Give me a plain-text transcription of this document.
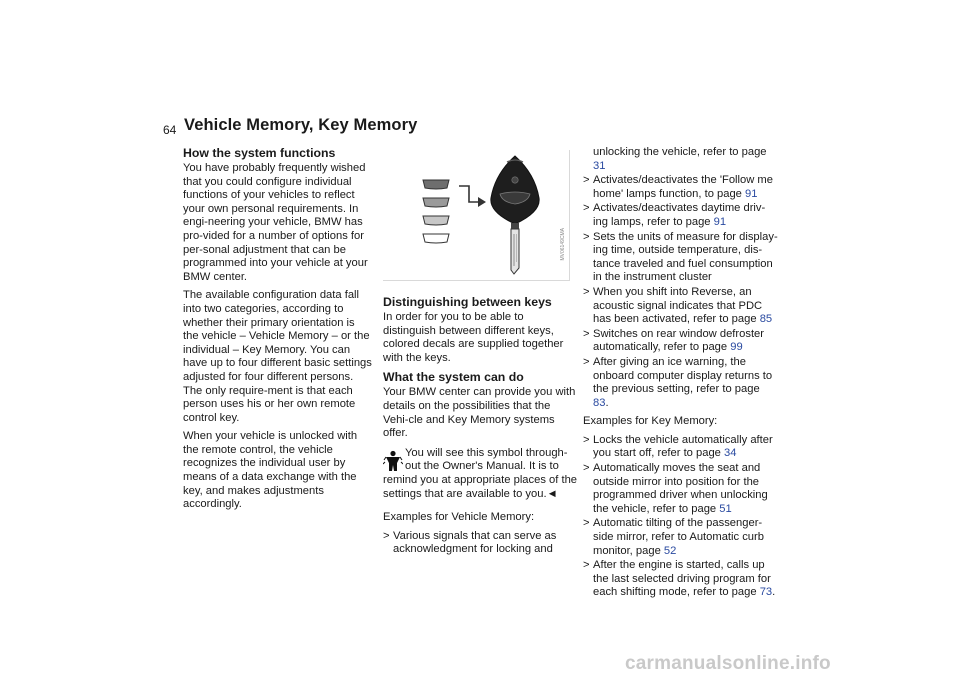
64 Vehicle Memory, Key Memory
How the system functions

You have probably frequently wished that you could configure individual functions of your vehicles to reflect your own personal requirements. In engi-neering your vehicle, BMW has pro-vided for a number of options for per-sonal adjustment that can be programmed into your vehicle at your BMW center.

The available configuration data fall into two categories, according to whether their primary orientation is the vehicle – Vehicle Memory – or the individual – Key Memory. You can have up to four different basic settings adjusted for four different persons. The only require-ment is that each person uses his or her own remote control key.

When your vehicle is unlocked with the remote control, the vehicle recognizes the individual user by means of a data exchange with the key, and makes adjustments accordingly.

MV06149CMA
Distinguishing between keys

In order for you to be able to distinguish between different keys, colored decals are supplied together with the keys.

What the system can do

Your BMW center can provide you with details on the possibilities that the Vehi-cle and Key Memory systems offer.

You will see this symbol through-out the Owner's Manual. It is to
remind you at appropriate places of the settings that are available to you.◄

Examples for Vehicle Memory:

> Various signals that can serve as acknowledgment for locking and
unlocking the vehicle, refer to page 31
> Activates/deactivates the 'Follow me home' lamps function, to page 91
> Activates/deactivates daytime driv-ing lamps, refer to page 91
> Sets the units of measure for display-ing time, outside temperature, dis-tance traveled and fuel consumption in the instrument cluster
> When you shift into Reverse, an acoustic signal indicates that PDC has been activated, refer to page 85
> Switches on rear window defroster automatically, refer to page 99
> After giving an ice warning, the onboard computer display returns to the previous setting, refer to page 83.

Examples for Key Memory:

> Locks the vehicle automatically after you start off, refer to page 34
> Automatically moves the seat and outside mirror into position for the programmed driver when unlocking the vehicle, refer to page 51
> Automatic tilting of the passenger-side mirror, refer to Automatic curb monitor, page 52
> After the engine is started, calls up the last selected driving program for each shifting mode, refer to page 73.
carmanualsonline.info
